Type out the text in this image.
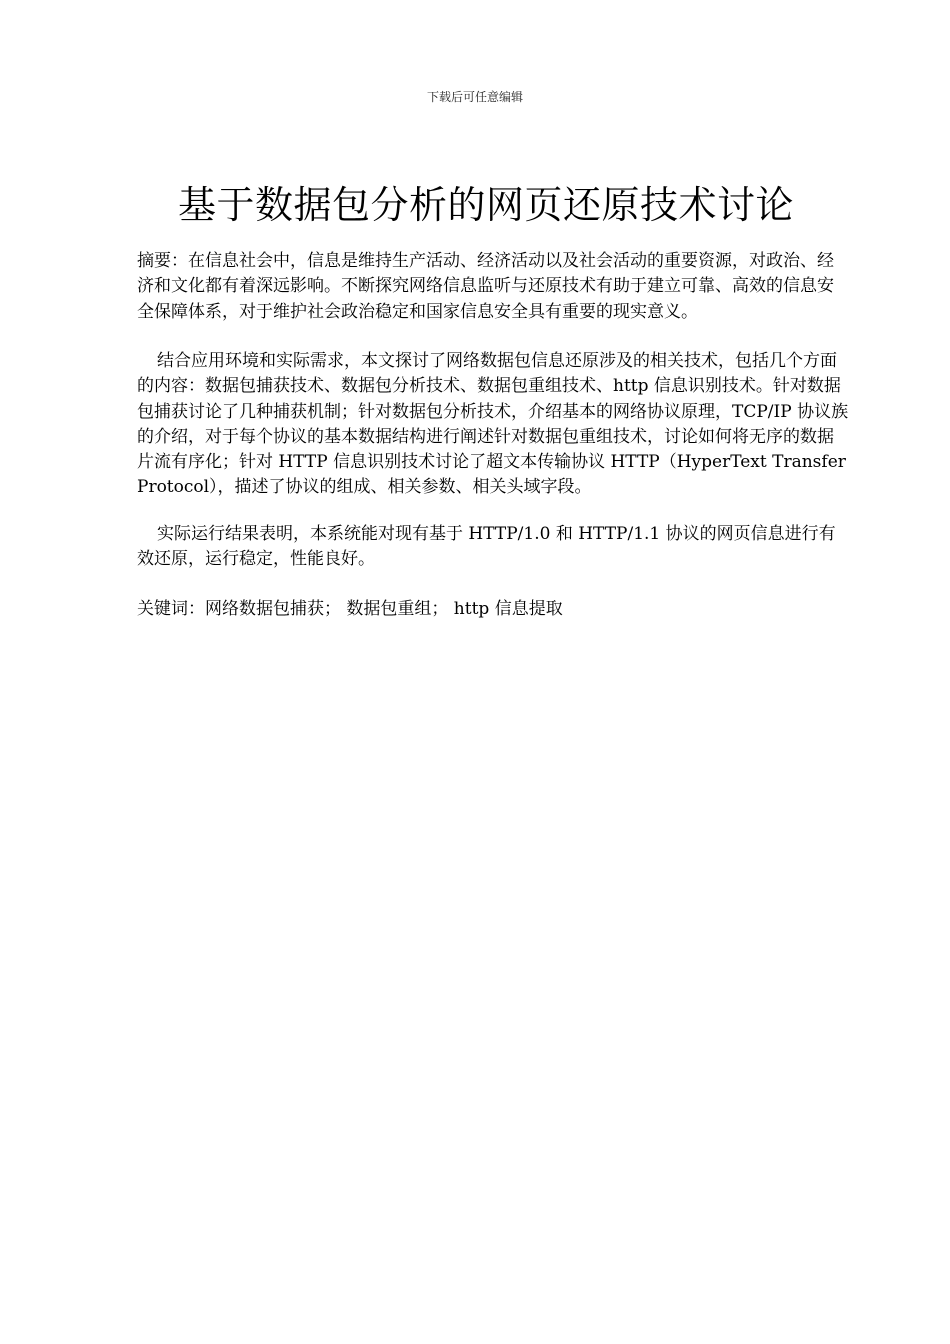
下载后可任意编辑
基于数据包分析的网页还原技术讨论

摘要：在信息社会中，信息是维持生产活动、经济活动以及社会活动的重要资源，对政治、经济和文化都有着深远影响。不断探究网络信息监听与还原技术有助于建立可靠、高效的信息安全保障体系，对于维护社会政治稳定和国家信息安全具有重要的现实意义。

结合应用环境和实际需求，本文探讨了网络数据包信息还原涉及的相关技术，包括几个方面的内容：数据包捕获技术、数据包分析技术、数据包重组技术、http 信息识别技术。针对数据包捕获讨论了几种捕获机制；针对数据包分析技术，介绍基本的网络协议原理，TCP/IP 协议族的介绍，对于每个协议的基本数据结构进行阐述针对数据包重组技术，讨论如何将无序的数据片流有序化；针对 HTTP 信息识别技术讨论了超文本传输协议 HTTP（HyperText Transfer Protocol），描述了协议的组成、相关参数、相关头域字段。

实际运行结果表明，本系统能对现有基于 HTTP/1.0 和 HTTP/1.1 协议的网页信息进行有效还原，运行稳定，性能良好。

关键词：网络数据包捕获； 数据包重组； http 信息提取
